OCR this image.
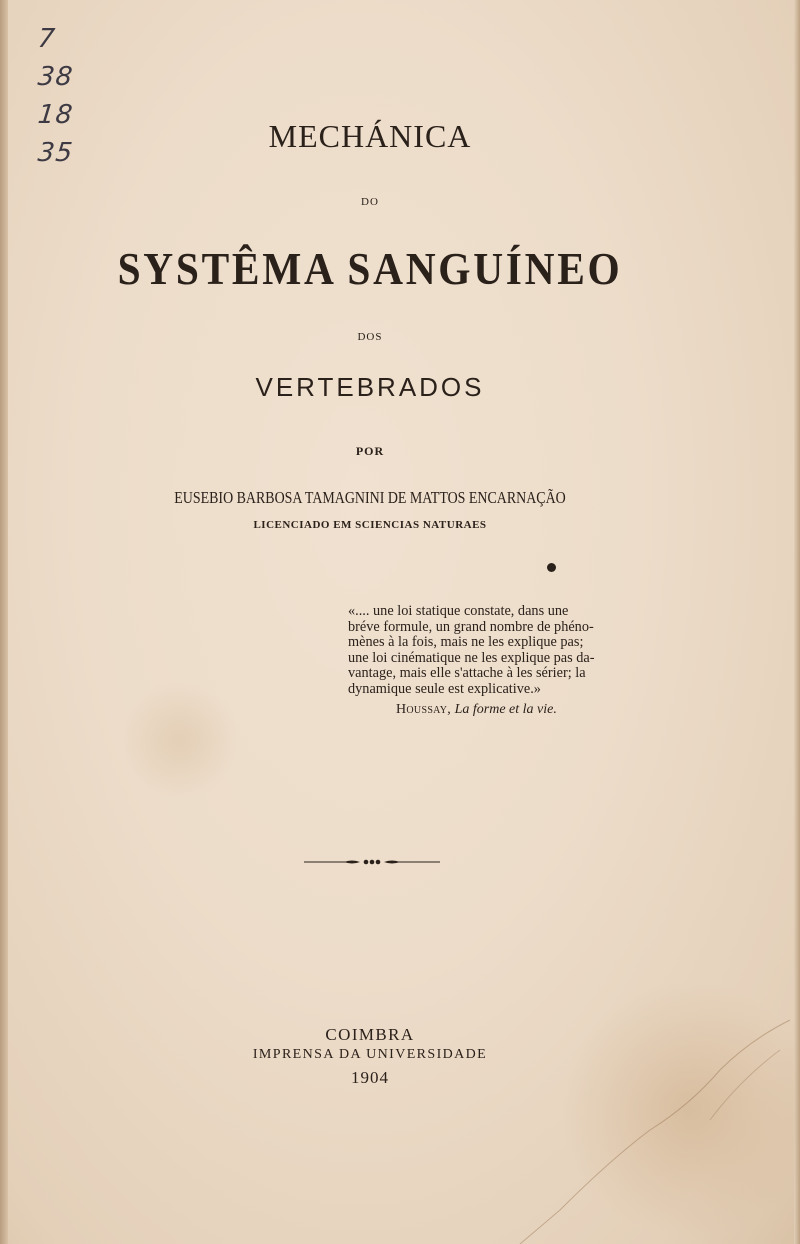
7
38
18
35	MECHÁNICA
DO
SYSTÊMA SANGUÍNEO
DOS
VERTEBRADOS
POR
EUSEBIO BARBOSA TAMAGNINI DE MATTOS ENCARNAÇÃO
LICENCIADO EM SCIENCIAS NATURAES
«.... une loi statique constate, dans une
bréve formule, un grand nombre de phéno-
mènes à la fois, mais ne les explique pas;
une loi cinématique ne les explique pas da-
vantage, mais elle s'attache à les sérier; la
dynamique seule est explicative.»
Houssay, La forme et la vie.
COIMBRA
IMPRENSA DA UNIVERSIDADE
1904
